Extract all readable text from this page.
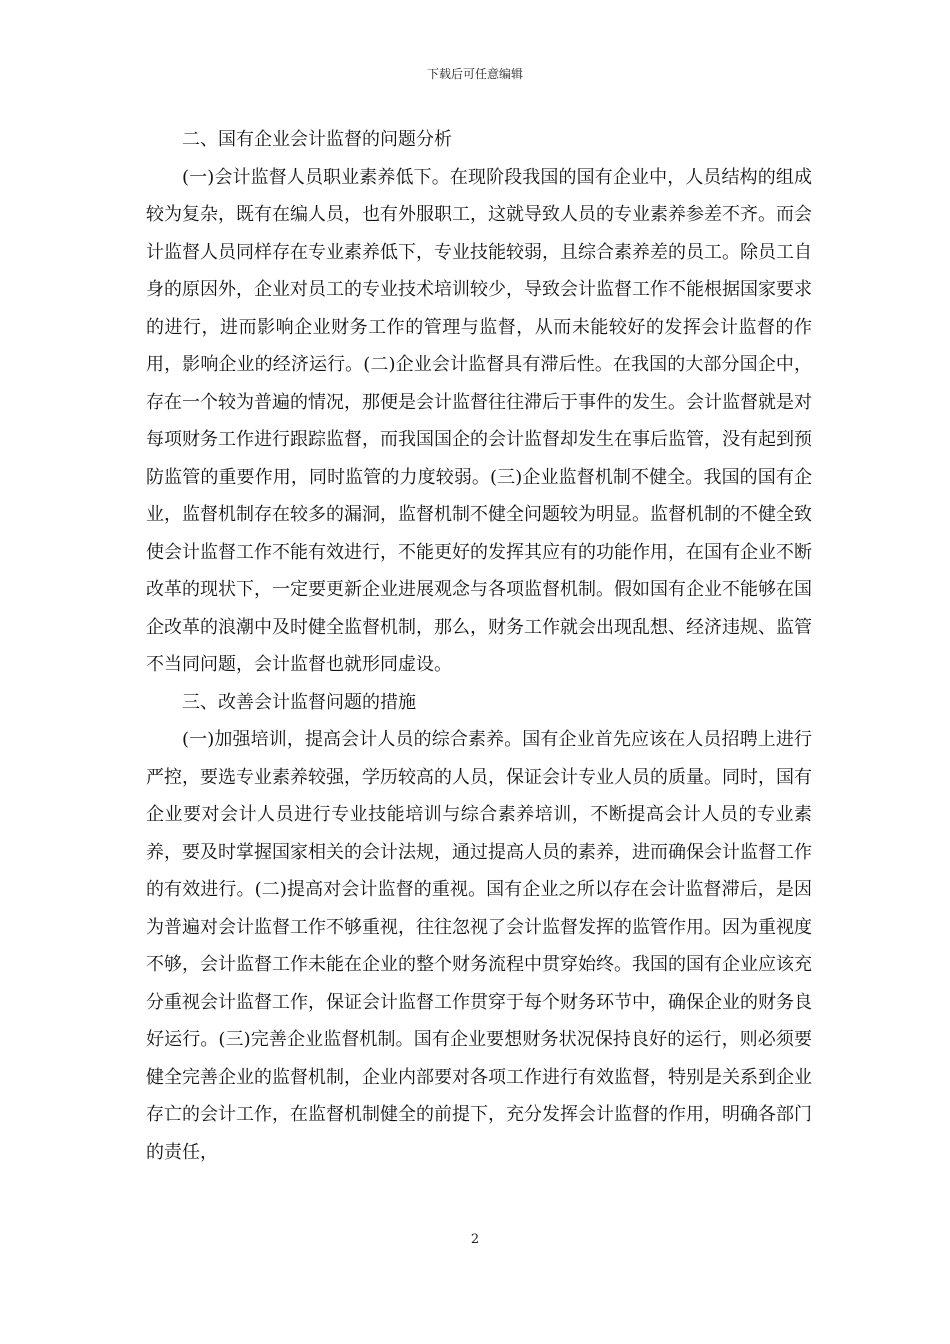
下载后可任意编辑

二、国有企业会计监督的问题分析

(一)会计监督人员职业素养低下。在现阶段我国的国有企业中，人员结构的组成较为复杂，既有在编人员，也有外服职工，这就导致人员的专业素养参差不齐。而会计监督人员同样存在专业素养低下，专业技能较弱，且综合素养差的员工。除员工自身的原因外，企业对员工的专业技术培训较少，导致会计监督工作不能根据国家要求的进行，进而影响企业财务工作的管理与监督，从而未能较好的发挥会计监督的作用，影响企业的经济运行。(二)企业会计监督具有滞后性。在我国的大部分国企中，存在一个较为普遍的情况，那便是会计监督往往滞后于事件的发生。会计监督就是对每项财务工作进行跟踪监督，而我国国企的会计监督却发生在事后监管，没有起到预防监管的重要作用，同时监管的力度较弱。(三)企业监督机制不健全。我国的国有企业，监督机制存在较多的漏洞，监督机制不健全问题较为明显。监督机制的不健全致使会计监督工作不能有效进行，不能更好的发挥其应有的功能作用，在国有企业不断改革的现状下，一定要更新企业进展观念与各项监督机制。假如国有企业不能够在国企改革的浪潮中及时健全监督机制，那么，财务工作就会出现乱想、经济违规、监管不当同问题，会计监督也就形同虚设。

三、改善会计监督问题的措施

(一)加强培训，提高会计人员的综合素养。国有企业首先应该在人员招聘上进行严控，要选专业素养较强，学历较高的人员，保证会计专业人员的质量。同时，国有企业要对会计人员进行专业技能培训与综合素养培训，不断提高会计人员的专业素养，要及时掌握国家相关的会计法规，通过提高人员的素养，进而确保会计监督工作的有效进行。(二)提高对会计监督的重视。国有企业之所以存在会计监督滞后，是因为普遍对会计监督工作不够重视，往往忽视了会计监督发挥的监管作用。因为重视度不够，会计监督工作未能在企业的整个财务流程中贯穿始终。我国的国有企业应该充分重视会计监督工作，保证会计监督工作贯穿于每个财务环节中，确保企业的财务良好运行。(三)完善企业监督机制。国有企业要想财务状况保持良好的运行，则必须要健全完善企业的监督机制，企业内部要对各项工作进行有效监督，特别是关系到企业存亡的会计工作，在监督机制健全的前提下，充分发挥会计监督的作用，明确各部门的责任，

2
